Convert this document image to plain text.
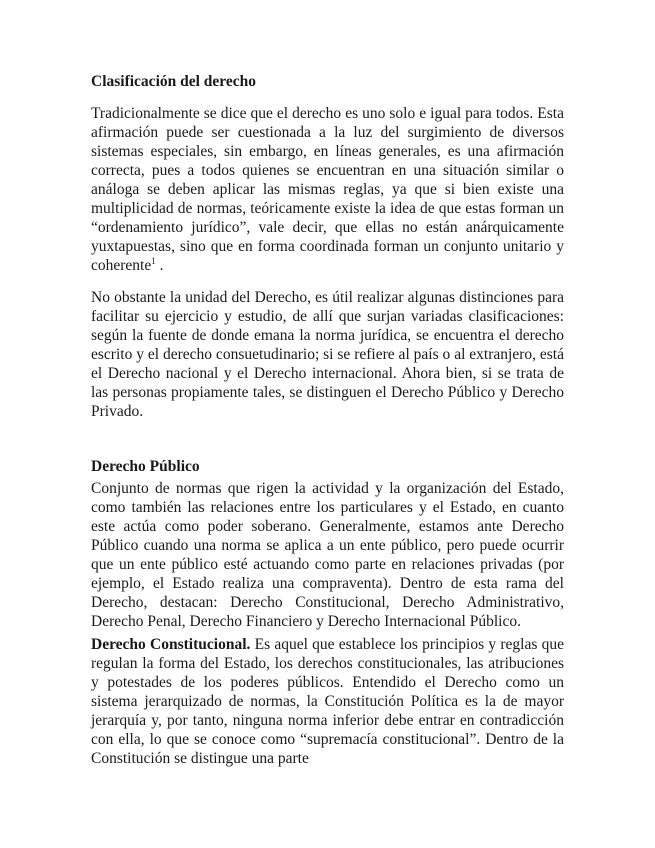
Clasificación del derecho

Tradicionalmente se dice que el derecho es uno solo e igual para todos. Esta afirmación puede ser cuestionada a la luz del surgimiento de diversos sistemas especiales, sin embargo, en líneas generales, es una afirmación correcta, pues a todos quienes se encuentran en una situación similar o análoga se deben aplicar las mismas reglas, ya que si bien existe una multiplicidad de normas, teóricamente existe la idea de que estas forman un “ordenamiento jurídico”, vale decir, que ellas no están anárquicamente yuxtapuestas, sino que en forma coordinada forman un conjunto unitario y coherente$^1$ .

No obstante la unidad del Derecho, es útil realizar algunas distinciones para facilitar su ejercicio y estudio, de allí que surjan variadas clasificaciones: según la fuente de donde emana la norma jurídica, se encuentra el derecho escrito y el derecho consuetudinario; si se refiere al país o al extranjero, está el Derecho nacional y el Derecho internacional. Ahora bien, si se trata de las personas propiamente tales, se distinguen el Derecho Público y Derecho Privado.

Derecho Público

Conjunto de normas que rigen la actividad y la organización del Estado, como también las relaciones entre los particulares y el Estado, en cuanto este actúa como poder soberano. Generalmente, estamos ante Derecho Público cuando una norma se aplica a un ente público, pero puede ocurrir que un ente público esté actuando como parte en relaciones privadas (por ejemplo, el Estado realiza una compraventa). Dentro de esta rama del Derecho, destacan: Derecho Constitucional, Derecho Administrativo, Derecho Penal, Derecho Financiero y Derecho Internacional Público.

Derecho Constitucional. Es aquel que establece los principios y reglas que regulan la forma del Estado, los derechos constitucionales, las atribuciones y potestades de los poderes públicos. Entendido el Derecho como un sistema jerarquizado de normas, la Constitución Política es la de mayor jerarquía y, por tanto, ninguna norma inferior debe entrar en contradicción con ella, lo que se conoce como “supremacía constitucional”. Dentro de la Constitución se distingue una parte
